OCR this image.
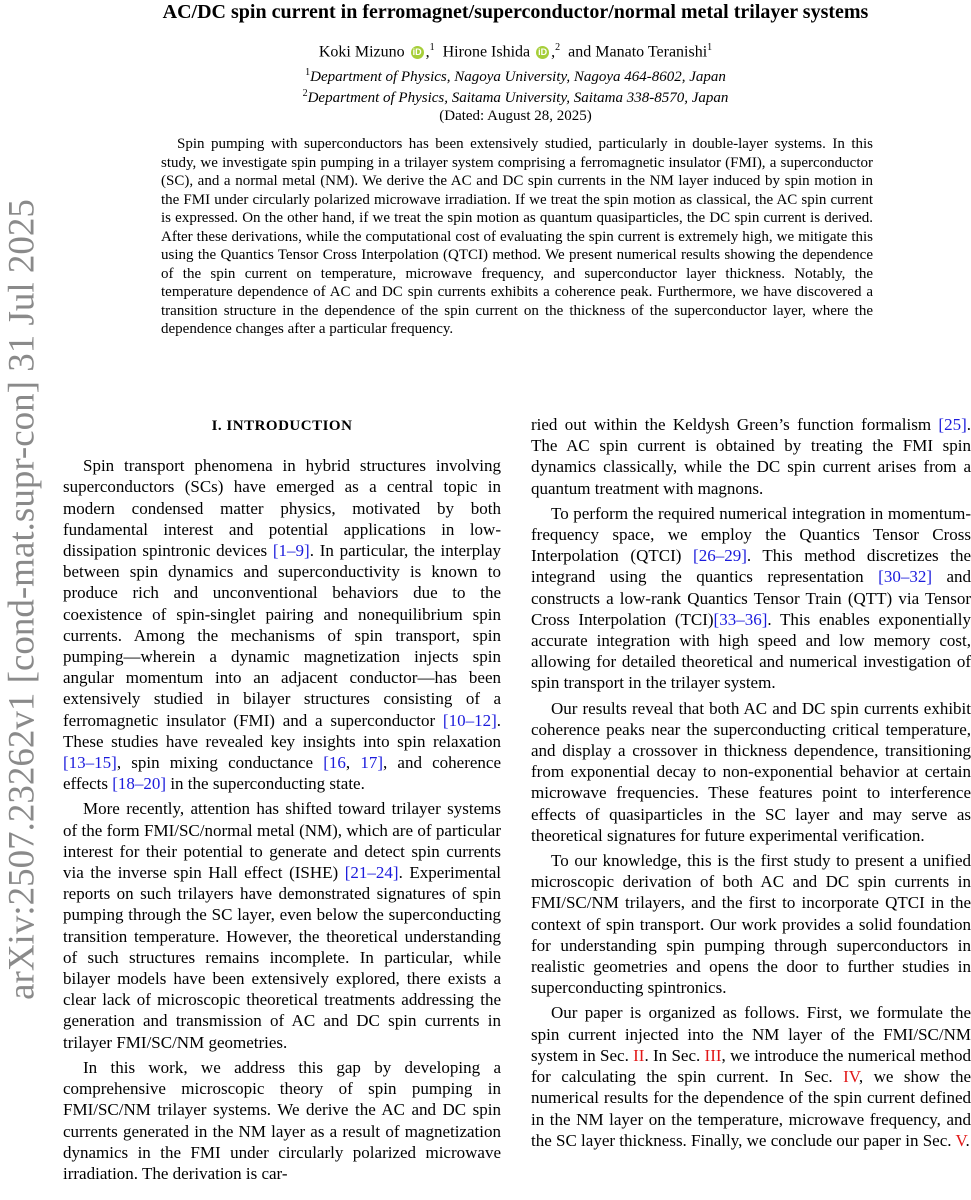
arXiv:2507.23262v1 [cond-mat.supr-con] 31 Jul 2025
AC/DC spin current in ferromagnet/superconductor/normal metal trilayer systems
Koki Mizuno iD ,$^1$ Hirone Ishida iD ,$^2$ and Manato Teranishi$^1$
$^1$Department of Physics, Nagoya University, Nagoya 464-8602, Japan
$^2$Department of Physics, Saitama University, Saitama 338-8570, Japan
(Dated: August 28, 2025)

Spin pumping with superconductors has been extensively studied, particularly in double-layer systems. In this study, we investigate spin pumping in a trilayer system comprising a ferromagnetic insulator (FMI), a superconductor (SC), and a normal metal (NM). We derive the AC and DC spin currents in the NM layer induced by spin motion in the FMI under circularly polarized microwave irradiation. If we treat the spin motion as classical, the AC spin current is expressed. On the other hand, if we treat the spin motion as quantum quasiparticles, the DC spin current is derived. After these derivations, while the computational cost of evaluating the spin current is extremely high, we mitigate this using the Quantics Tensor Cross Interpolation (QTCI) method. We present numerical results showing the dependence of the spin current on temperature, microwave frequency, and superconductor layer thickness. Notably, the temperature dependence of AC and DC spin currents exhibits a coherence peak. Furthermore, we have discovered a transition structure in the dependence of the spin current on the thickness of the superconductor layer, where the dependence changes after a particular frequency.

I. INTRODUCTION

Spin transport phenomena in hybrid structures involving superconductors (SCs) have emerged as a central topic in modern condensed matter physics, motivated by both fundamental interest and potential applications in low-dissipation spintronic devices [1–9]. In particular, the interplay between spin dynamics and superconductivity is known to produce rich and unconventional behaviors due to the coexistence of spin-singlet pairing and nonequilibrium spin currents. Among the mechanisms of spin transport, spin pumping—wherein a dynamic magnetization injects spin angular momentum into an adjacent conductor—has been extensively studied in bilayer structures consisting of a ferromagnetic insulator (FMI) and a superconductor [10–12]. These studies have revealed key insights into spin relaxation [13–15], spin mixing conductance [16, 17], and coherence effects [18–20] in the superconducting state.

More recently, attention has shifted toward trilayer systems of the form FMI/SC/normal metal (NM), which are of particular interest for their potential to generate and detect spin currents via the inverse spin Hall effect (ISHE) [21–24]. Experimental reports on such trilayers have demonstrated signatures of spin pumping through the SC layer, even below the superconducting transition temperature. However, the theoretical understanding of such structures remains incomplete. In particular, while bilayer models have been extensively explored, there exists a clear lack of microscopic theoretical treatments addressing the generation and transmission of AC and DC spin currents in trilayer FMI/SC/NM geometries.

In this work, we address this gap by developing a comprehensive microscopic theory of spin pumping in FMI/SC/NM trilayer systems. We derive the AC and DC spin currents generated in the NM layer as a result of magnetization dynamics in the FMI under circularly polarized microwave irradiation. The derivation is car-

ried out within the Keldysh Green’s function formalism [25]. The AC spin current is obtained by treating the FMI spin dynamics classically, while the DC spin current arises from a quantum treatment with magnons.

To perform the required numerical integration in momentum-frequency space, we employ the Quantics Tensor Cross Interpolation (QTCI) [26–29]. This method discretizes the integrand using the quantics representation [30–32] and constructs a low-rank Quantics Tensor Train (QTT) via Tensor Cross Interpolation (TCI)[33–36]. This enables exponentially accurate integration with high speed and low memory cost, allowing for detailed theoretical and numerical investigation of spin transport in the trilayer system.

Our results reveal that both AC and DC spin currents exhibit coherence peaks near the superconducting critical temperature, and display a crossover in thickness dependence, transitioning from exponential decay to non-exponential behavior at certain microwave frequencies. These features point to interference effects of quasiparticles in the SC layer and may serve as theoretical signatures for future experimental verification.

To our knowledge, this is the first study to present a unified microscopic derivation of both AC and DC spin currents in FMI/SC/NM trilayers, and the first to incorporate QTCI in the context of spin transport. Our work provides a solid foundation for understanding spin pumping through superconductors in realistic geometries and opens the door to further studies in superconducting spintronics.

Our paper is organized as follows. First, we formulate the spin current injected into the NM layer of the FMI/SC/NM system in Sec. II. In Sec. III, we introduce the numerical method for calculating the spin current. In Sec. IV, we show the numerical results for the dependence of the spin current defined in the NM layer on the temperature, microwave frequency, and the SC layer thickness. Finally, we conclude our paper in Sec. V.
